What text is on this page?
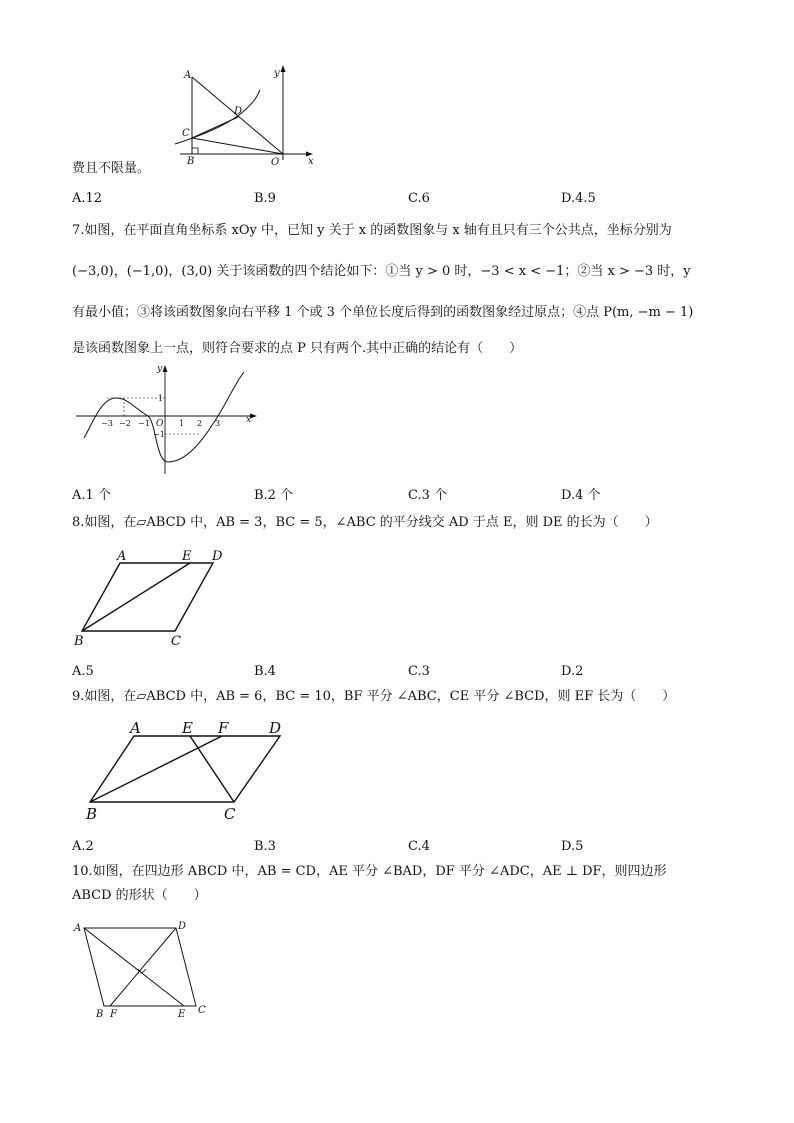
A	y
D
C
B	O	x
费且不限量。
A.12	B.9	C.6	D.4.5
7.如图，在平面直角坐标系 xOy 中，已知 y 关于 x 的函数图象与 x 轴有且只有三个公共点，坐标分别为
(−3,0)，(−1,0)，(3,0) 关于该函数的四个结论如下：①当 y > 0 时，−3 < x < −1；②当 x > −3 时，y
有最小值；③将该函数图象向右平移 1 个或 3 个单位长度后得到的函数图象经过原点；④点 P(m, −m − 1)
是该函数图象上一点，则符合要求的点 P 只有两个.其中正确的结论有（　　）
y
x
O
−3 −2 −1	1 2 3
1
−1
A.1 个	B.2 个	C.3 个	D.4 个
8.如图，在▱ABCD 中，AB = 3，BC = 5，∠ABC 的平分线交 AD 于点 E，则 DE 的长为（　　）
A	E D
B	C
A.5	B.4	C.3	D.2
9.如图，在▱ABCD 中，AB = 6，BC = 10，BF 平分 ∠ABC，CE 平分 ∠BCD，则 EF 长为（　　）
A	E F	D
B	C
A.2	B.3	C.4	D.5
10.如图，在四边形 ABCD 中，AB = CD，AE 平分 ∠BAD，DF 平分 ∠ADC，AE ⊥ DF，则四边形
ABCD 的形状（　　）
A	D
B F	E C
